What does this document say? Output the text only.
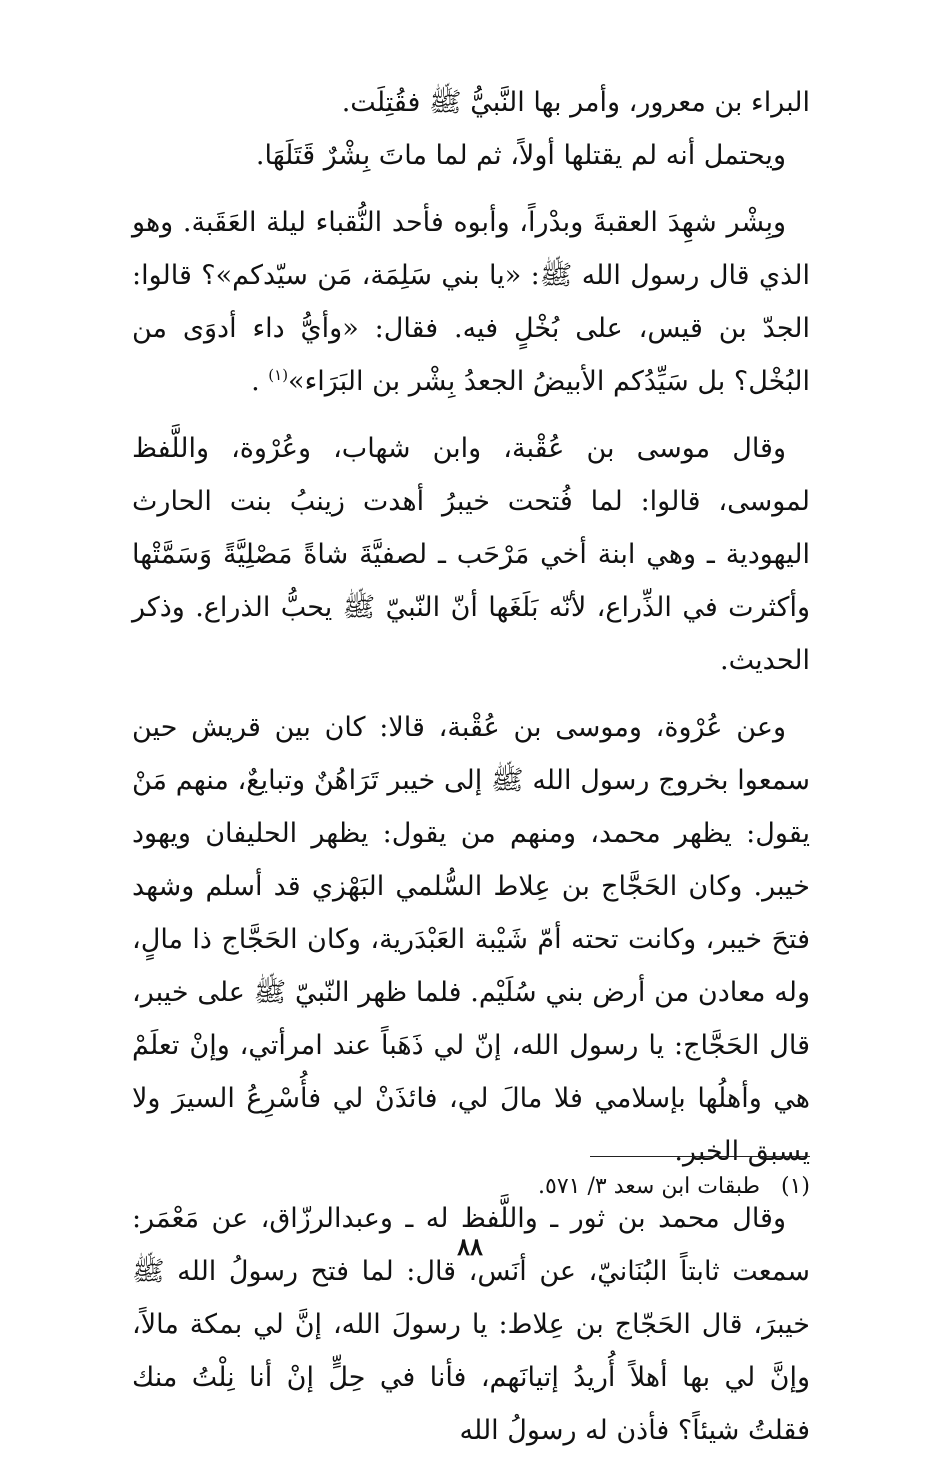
البراء بن معرور، وأمر بها النَّبيُّ ﷺ فقُتِلَت.

ويحتمل أنه لم يقتلها أولاً، ثم لما ماتَ بِشْرٌ قَتَلَهَا.

وبِشْر شهِدَ العقبةَ وبدْراً، وأبوه فأحد النُّقباء ليلة العَقَبة. وهو الذي قال رسول الله ﷺ: «يا بني سَلِمَة، مَن سيّدكم»؟ قالوا: الجدّ بن قيس، على بُخْلٍ فيه. فقال: «وأيُّ داء أدوَى من البُخْل؟ بل سَيِّدُكم الأبيضُ الجعدُ بِشْر بن البَرَاء»$^{(١)}$ .

وقال موسى بن عُقْبة، وابن شهاب، وعُرْوة، واللَّفظ لموسى، قالوا: لما فُتحت خيبرُ أهدت زينبُ بنت الحارث اليهودية ـ وهي ابنة أخي مَرْحَب ـ لصفيَّةَ شاةً مَصْلِيَّةً وَسَمَّتْها وأكثرت في الذِّراع، لأنّه بَلَغَها أنّ النّبيّ ﷺ يحبُّ الذراع. وذكر الحديث.

وعن عُرْوة، وموسى بن عُقْبة، قالا: كان بين قريش حين سمعوا بخروج رسول الله ﷺ إلى خيبر تَرَاهُنٌ وتبايعٌ، منهم مَنْ يقول: يظهر محمد، ومنهم من يقول: يظهر الحليفان ويهود خيبر. وكان الحَجَّاج بن عِلاط السُّلمي البَهْزي قد أسلم وشهد فتحَ خيبر، وكانت تحته أمّ شَيْبة العَبْدَرية، وكان الحَجَّاج ذا مالٍ، وله معادن من أرض بني سُلَيْم. فلما ظهر النّبيّ ﷺ على خيبر، قال الحَجَّاج: يا رسول الله، إنّ لي ذَهَباً عند امرأتي، وإنْ تعلَمْ هي وأهلُها بإسلامي فلا مالَ لي، فائذَنْ لي فأُسْرِعُ السيرَ ولا يسبق الخبر.

وقال محمد بن ثور ـ واللَّفظ له ـ وعبدالرزّاق، عن مَعْمَر: سمعت ثابتاً البُنَانيّ، عن أنَس، قال: لما فتح رسولُ الله ﷺ خيبرَ، قال الحَجّاج بن عِلاط: يا رسولَ الله، إنَّ لي بمكة مالاً، وإنَّ لي بها أهلاً أُريدُ إتيانَهم، فأنا في حِلٍّ إنْ أنا نِلْتُ منك فقلتُ شيئاً؟ فأذن له رسولُ الله

(١) طبقات ابن سعد ٣/ ٥٧١.
٨٨
